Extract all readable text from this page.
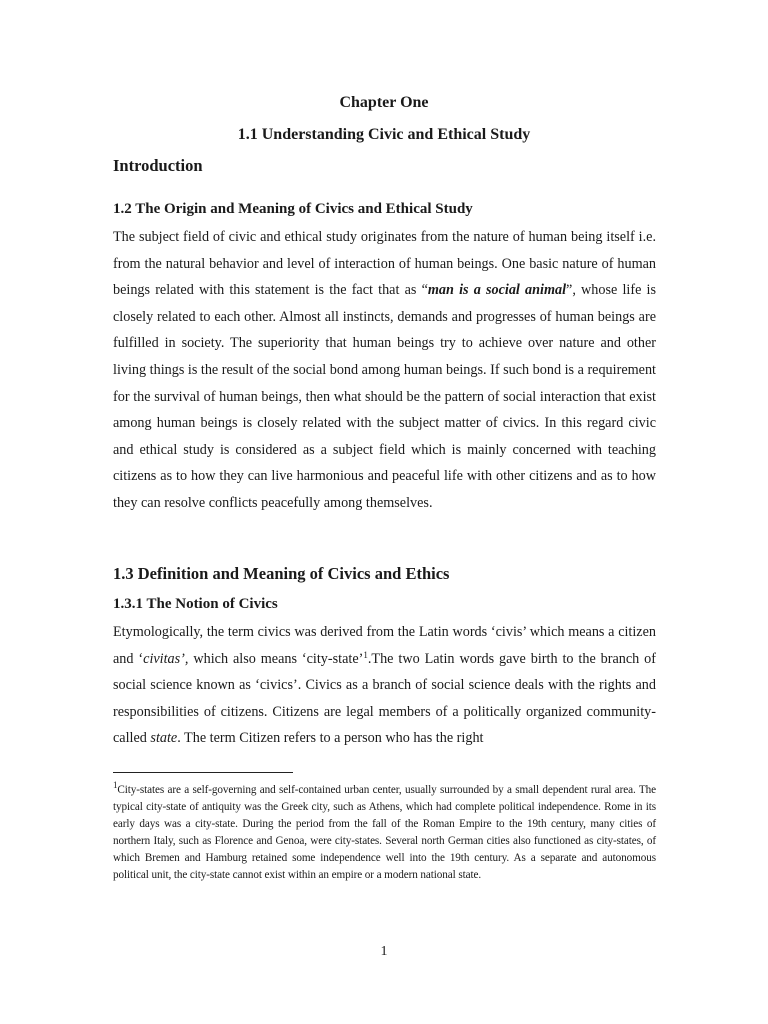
Chapter One
1.1 Understanding Civic and Ethical Study
Introduction
1.2 The Origin and Meaning of Civics and Ethical Study

The subject field of civic and ethical study originates from the nature of human being itself i.e. from the natural behavior and level of interaction of human beings. One basic nature of human beings related with this statement is the fact that as “man is a social animal”, whose life is closely related to each other. Almost all instincts, demands and progresses of human beings are fulfilled in society. The superiority that human beings try to achieve over nature and other living things is the result of the social bond among human beings. If such bond is a requirement for the survival of human beings, then what should be the pattern of social interaction that exist among human beings is closely related with the subject matter of civics. In this regard civic and ethical study is considered as a subject field which is mainly concerned with teaching citizens as to how they can live harmonious and peaceful life with other citizens and as to how they can resolve conflicts peacefully among themselves.

1.3 Definition and Meaning of Civics and Ethics
1.3.1 The Notion of Civics

Etymologically, the term civics was derived from the Latin words ‘civis’ which means a citizen and ‘civitas’, which also means ‘city-state’$^1$.The two Latin words gave birth to the branch of social science known as ‘civics’. Civics as a branch of social science deals with the rights and responsibilities of citizens. Citizens are legal members of a politically organized community- called state. The term Citizen refers to a person who has the right

$^1$City-states are a self-governing and self-contained urban center, usually surrounded by a small dependent rural area. The typical city-state of antiquity was the Greek city, such as Athens, which had complete political independence. Rome in its early days was a city-state. During the period from the fall of the Roman Empire to the 19th century, many cities of northern Italy, such as Florence and Genoa, were city-states. Several north German cities also functioned as city-states, of which Bremen and Hamburg retained some independence well into the 19th century. As a separate and autonomous political unit, the city-state cannot exist within an empire or a modern national state.
1
